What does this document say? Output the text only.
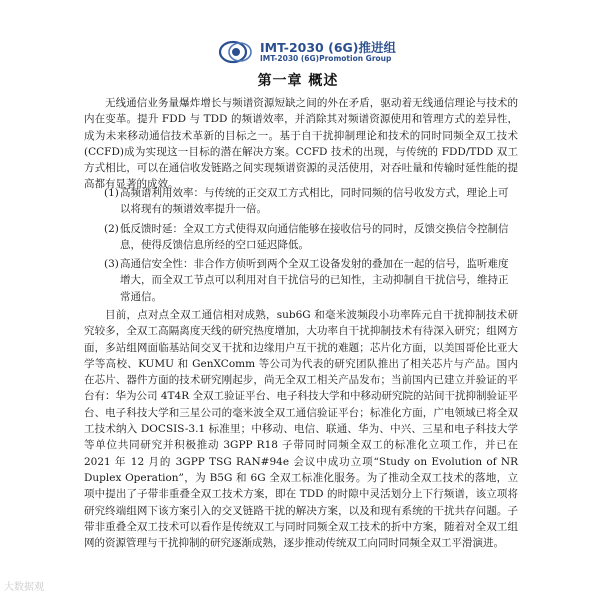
IMT-2030 (6G)推进组
IMT-2030 (6G)Promotion Group
第一章 概述

无线通信业务量爆炸增长与频谱资源短缺之间的外在矛盾，驱动着无线通信理论与技术的内在变革。提升 FDD 与 TDD 的频谱效率，并消除其对频谱资源使用和管理方式的差异性，成为未来移动通信技术革新的目标之一。基于自干扰抑制理论和技术的同时同频全双工技术(CCFD)成为实现这一目标的潜在解决方案。CCFD 技术的出现，与传统的 FDD/TDD 双工方式相比，可以在通信收发链路之间实现频谱资源的灵活使用，对吞吐量和传输时延性能的提高都有显著的成效。

(1) 高频谱利用效率：与传统的正交双工方式相比，同时同频的信号收发方式，理论上可以将现有的频谱效率提升一倍。
(2) 低反馈时延：全双工方式使得双向通信能够在接收信号的同时，反馈交换信令控制信息，使得反馈信息所经的空口延迟降低。
(3) 高通信安全性：非合作方侦听到两个全双工设备发射的叠加在一起的信号，监听难度增大，而全双工节点可以利用对自干扰信号的已知性，主动抑制自干扰信号，维持正常通信。

目前，点对点全双工通信相对成熟，sub6G 和毫米波频段小功率阵元自干扰抑制技术研究较多，全双工高隔离度天线的研究热度增加，大功率自干扰抑制技术有待深入研究；组网方面，多站组网面临基站间交叉干扰和边缘用户互干扰的难题；芯片化方面，以美国哥伦比亚大学等高校、KUMU 和 GenXComm 等公司为代表的研究团队推出了相关芯片与产品。国内在芯片、器件方面的技术研究刚起步，尚无全双工相关产品发布；当前国内已建立并验证的平台有：华为公司 4T4R 全双工验证平台、电子科技大学和中移动研究院的站间干扰抑制验证平台、电子科技大学和三星公司的毫米波全双工通信验证平台；标准化方面，广电领域已将全双工技术纳入 DOCSIS-3.1 标准里；中移动、电信、联通、华为、中兴、三星和电子科技大学等单位共同研究并积极推动 3GPP R18 子带同时同频全双工的标准化立项工作，并已在 2021 年 12 月的 3GPP TSG RAN#94e 会议中成功立项“Study on Evolution of NR Duplex Operation”，为 B5G 和 6G 全双工标准化服务。为了推动全双工技术的落地，立项中提出了子带非重叠全双工技术方案，即在 TDD 的时隙中灵活划分上下行频谱，该立项将研究终端组网下该方案引入的交叉链路干扰的解决方案，以及和现有系统的干扰共存问题。子带非重叠全双工技术可以看作是传统双工与同时同频全双工技术的折中方案，随着对全双工组网的资源管理与干扰抑制的研究逐渐成熟，逐步推动传统双工向同时同频全双工平滑演进。

大数据观
